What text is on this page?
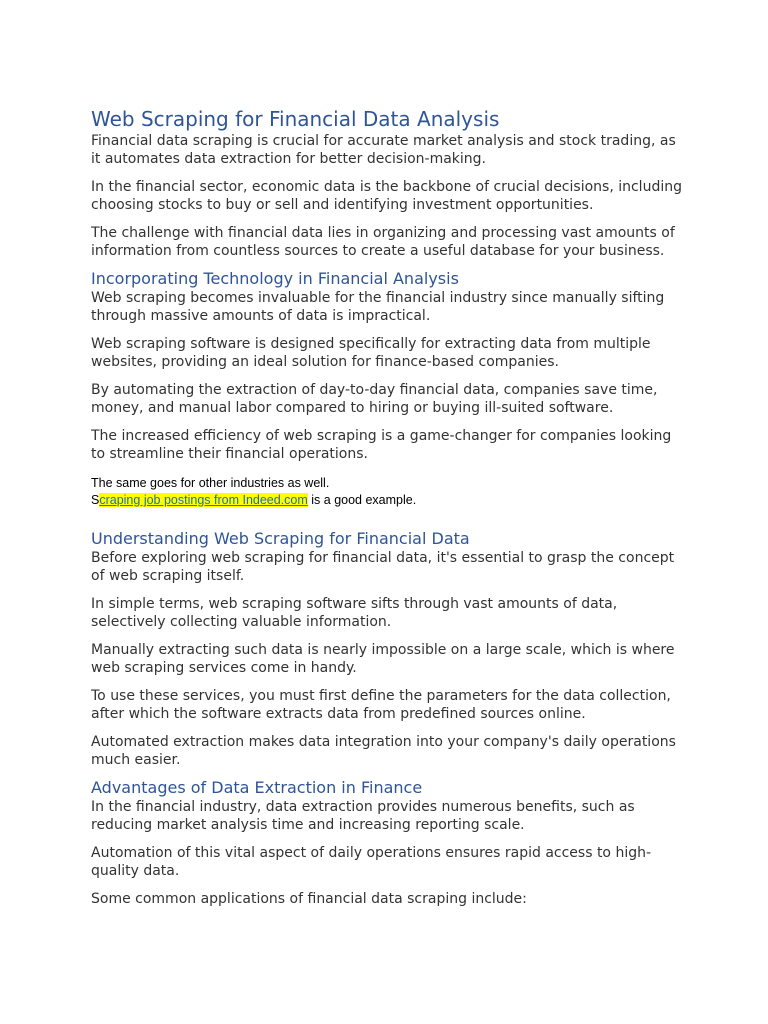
Web Scraping for Financial Data Analysis

Financial data scraping is crucial for accurate market analysis and stock trading, as
it automates data extraction for better decision-making.

In the financial sector, economic data is the backbone of crucial decisions, including
choosing stocks to buy or sell and identifying investment opportunities.

The challenge with financial data lies in organizing and processing vast amounts of
information from countless sources to create a useful database for your business.

Incorporating Technology in Financial Analysis

Web scraping becomes invaluable for the financial industry since manually sifting
through massive amounts of data is impractical.

Web scraping software is designed specifically for extracting data from multiple
websites, providing an ideal solution for finance-based companies.

By automating the extraction of day-to-day financial data, companies save time,
money, and manual labor compared to hiring or buying ill-suited software.

The increased efficiency of web scraping is a game-changer for companies looking
to streamline their financial operations.

The same goes for other industries as well.
Scraping job postings from Indeed.com is a good example.

Understanding Web Scraping for Financial Data

Before exploring web scraping for financial data, it's essential to grasp the concept
of web scraping itself.

In simple terms, web scraping software sifts through vast amounts of data,
selectively collecting valuable information.

Manually extracting such data is nearly impossible on a large scale, which is where
web scraping services come in handy.

To use these services, you must first define the parameters for the data collection,
after which the software extracts data from predefined sources online.

Automated extraction makes data integration into your company's daily operations
much easier.

Advantages of Data Extraction in Finance

In the financial industry, data extraction provides numerous benefits, such as
reducing market analysis time and increasing reporting scale.

Automation of this vital aspect of daily operations ensures rapid access to high-
quality data.

Some common applications of financial data scraping include:
